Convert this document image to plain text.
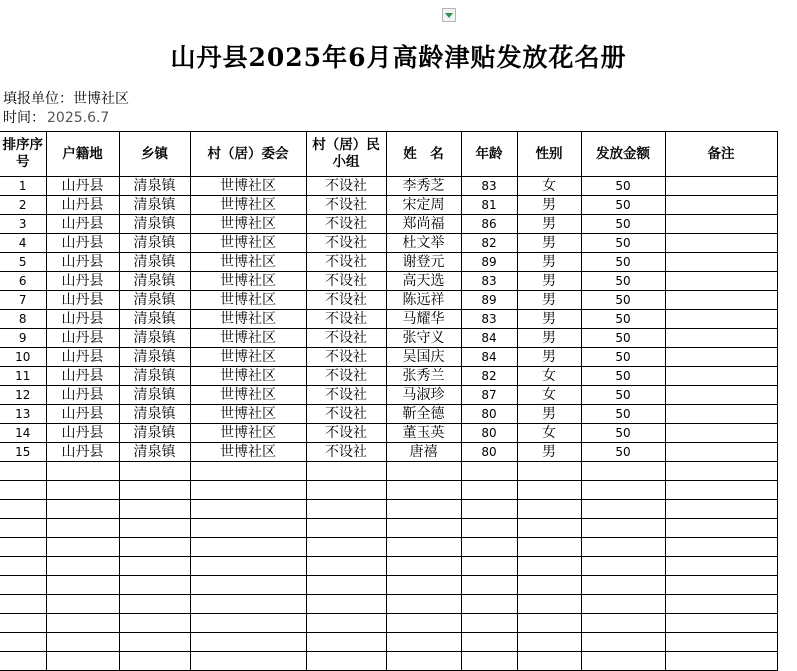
山丹县2025年6月高龄津贴发放花名册
填报单位：世博社区
时间： 2025.6.7
排序序号	户籍地	乡镇	村（居）委会	村（居）民小组	姓　名	年龄	性别	发放金额	备注
1	山丹县	清泉镇	世博社区	不设社	李秀芝	83	女	50	
2	山丹县	清泉镇	世博社区	不设社	宋定周	81	男	50	
3	山丹县	清泉镇	世博社区	不设社	郑尚福	86	男	50	
4	山丹县	清泉镇	世博社区	不设社	杜文举	82	男	50	
5	山丹县	清泉镇	世博社区	不设社	谢登元	89	男	50	
6	山丹县	清泉镇	世博社区	不设社	高天选	83	男	50	
7	山丹县	清泉镇	世博社区	不设社	陈远祥	89	男	50	
8	山丹县	清泉镇	世博社区	不设社	马耀华	83	男	50	
9	山丹县	清泉镇	世博社区	不设社	张守义	84	男	50	
10	山丹县	清泉镇	世博社区	不设社	吴国庆	84	男	50	
11	山丹县	清泉镇	世博社区	不设社	张秀兰	82	女	50	
12	山丹县	清泉镇	世博社区	不设社	马淑珍	87	女	50	
13	山丹县	清泉镇	世博社区	不设社	靳全德	80	男	50	
14	山丹县	清泉镇	世博社区	不设社	董玉英	80	女	50	
15	山丹县	清泉镇	世博社区	不设社	唐禧	80	男	50	
